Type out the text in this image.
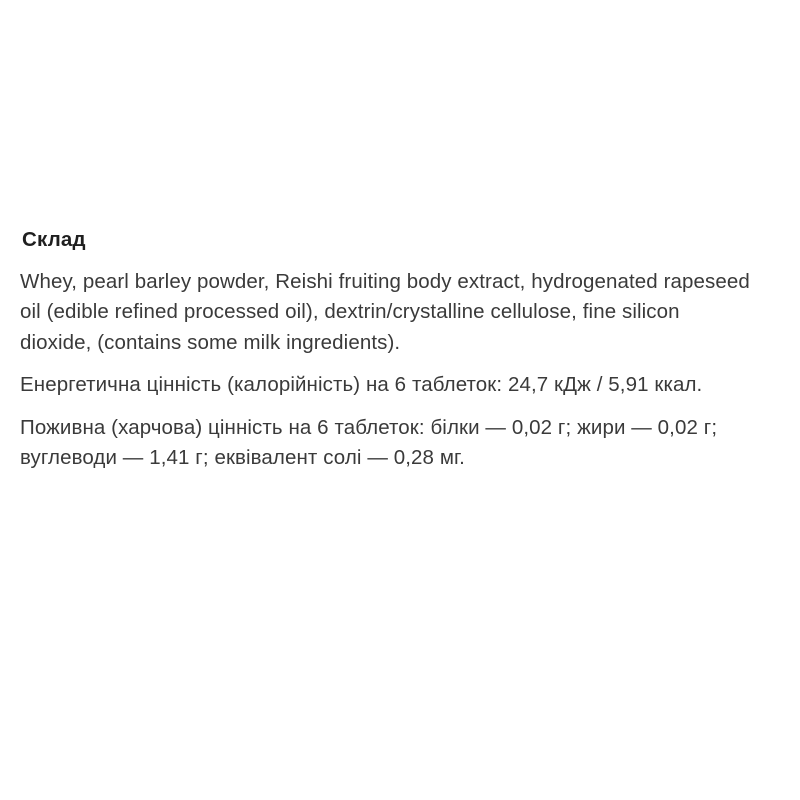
Склад

Whey, pearl barley powder, Reishi fruiting body extract, hydrogenated rapeseed oil (edible refined processed oil), dextrin/crystalline cellulose, fine silicon dioxide, (contains some milk ingredients).

Енергетична цінність (калорійність) на 6 таблеток: 24,7 кДж / 5,91 ккал.

Поживна (харчова) цінність на 6 таблеток: білки — 0,02 г; жири — 0,02 г; вуглеводи — 1,41 г; еквівалент солі — 0,28 мг.
